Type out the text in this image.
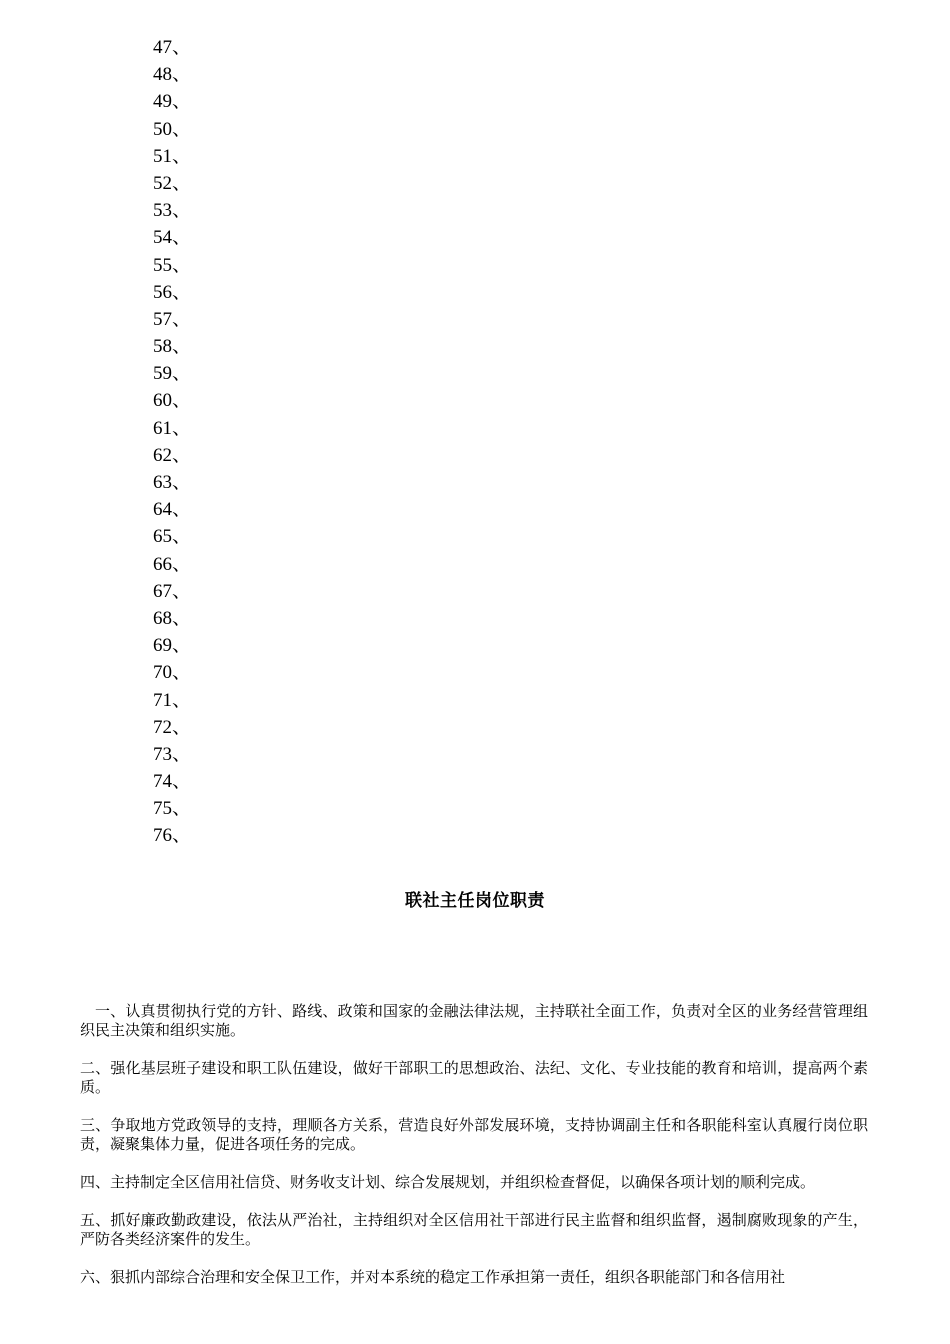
47、
48、
49、
50、
51、
52、
53、
54、
55、
56、
57、
58、
59、
60、
61、
62、
63、
64、
65、
66、
67、
68、
69、
70、
71、
72、
73、
74、
75、
76、
联社主任岗位职责

一、认真贯彻执行党的方针、路线、政策和国家的金融法律法规，主持联社全面工作，负责对全区的业务经营管理组织民主决策和组织实施。

二、强化基层班子建设和职工队伍建设，做好干部职工的思想政治、法纪、文化、专业技能的教育和培训，提高两个素质。

三、争取地方党政领导的支持，理顺各方关系，营造良好外部发展环境，支持协调副主任和各职能科室认真履行岗位职责，凝聚集体力量，促进各项任务的完成。

四、主持制定全区信用社信贷、财务收支计划、综合发展规划，并组织检查督促，以确保各项计划的顺利完成。

五、抓好廉政勤政建设，依法从严治社，主持组织对全区信用社干部进行民主监督和组织监督，遏制腐败现象的产生，严防各类经济案件的发生。

六、狠抓内部综合治理和安全保卫工作，并对本系统的稳定工作承担第一责任，组织各职能部门和各信用社
